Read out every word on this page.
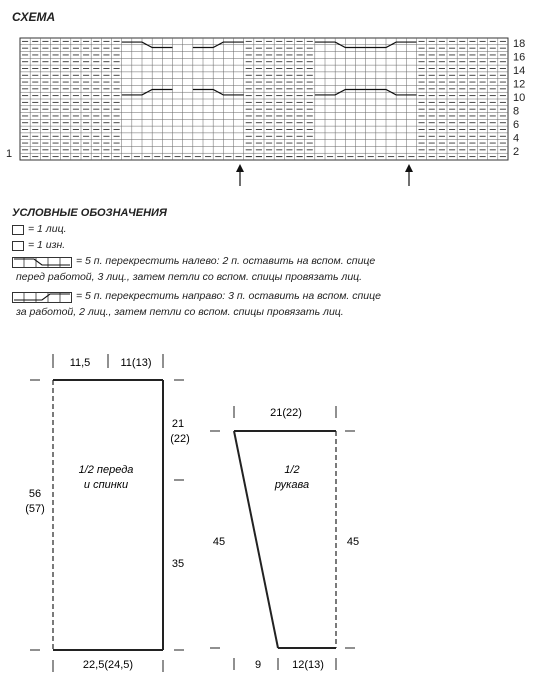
СХЕМА
18
16
14
12
10
8
6
4
2
1
УСЛОВНЫЕ ОБОЗНАЧЕНИЯ
= 1 лиц.
= 1 изн.
= 5 п. перекрестить налево: 2 п. оставить на вспом. спице
перед работой, 3 лиц., затем петли со вспом. спицы провязать лиц.
= 5 п. перекрестить направо: 3 п. оставить на вспом. спице
за работой, 2 лиц., затем петли со вспом. спицы провязать лиц.
11,5	11(13)
21
(22)
35
56
(57)
22,5(24,5)
1/2 переда
и спинки
21(22)
45	45
9	12(13)
1/2
рукава
